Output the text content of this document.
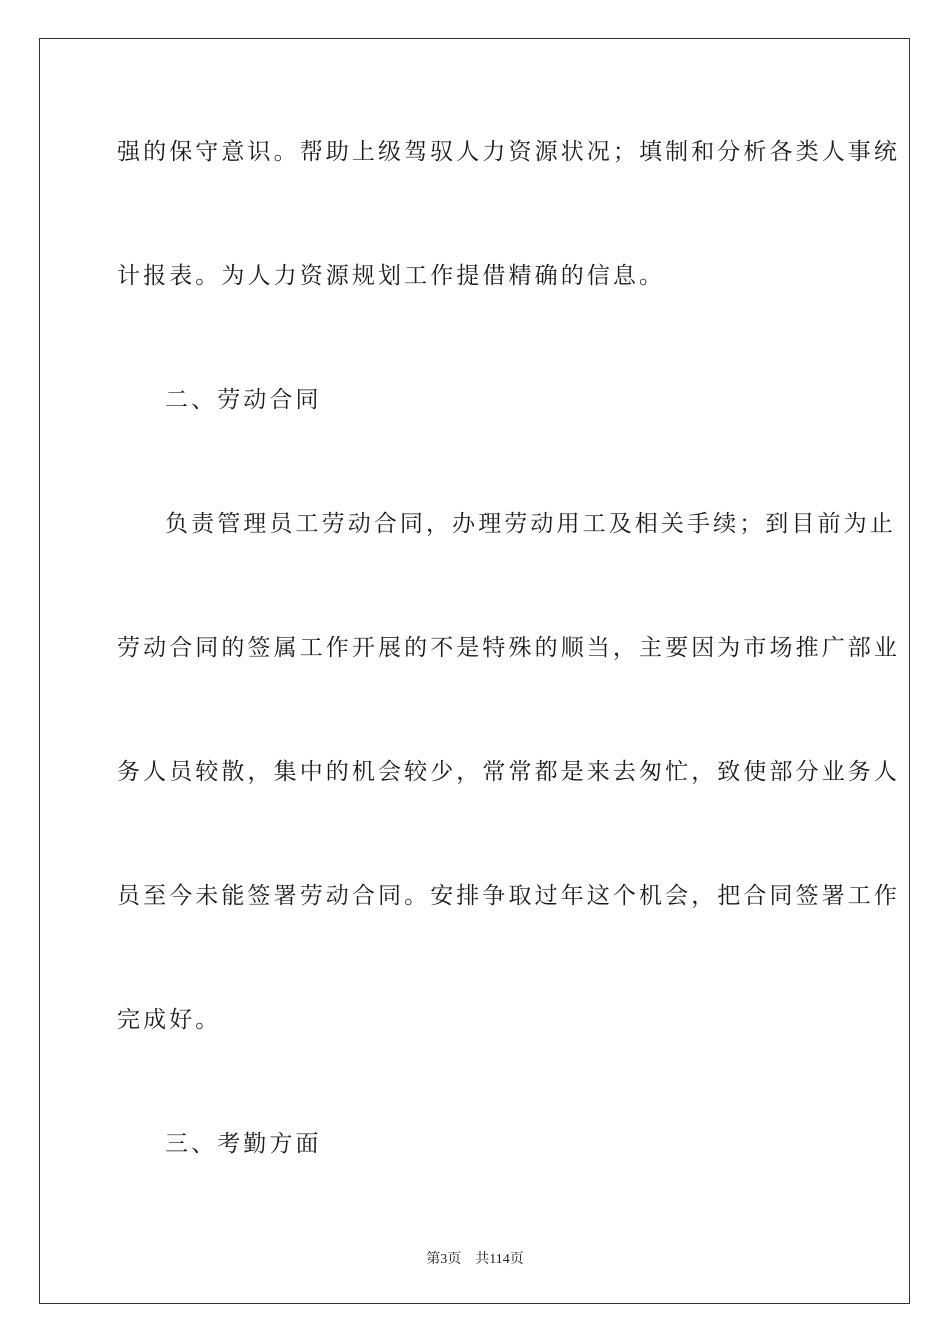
强的保守意识。帮助上级驾驭人力资源状况；填制和分析各类人事统
计报表。为人力资源规划工作提借精确的信息。
二、劳动合同
负责管理员工劳动合同，办理劳动用工及相关手续；到目前为止
劳动合同的签属工作开展的不是特殊的顺当，主要因为市场推广部业
务人员较散，集中的机会较少，常常都是来去匆忙，致使部分业务人
员至今未能签署劳动合同。安排争取过年这个机会，把合同签署工作
完成好。
三、考勤方面
第3页 共114页
